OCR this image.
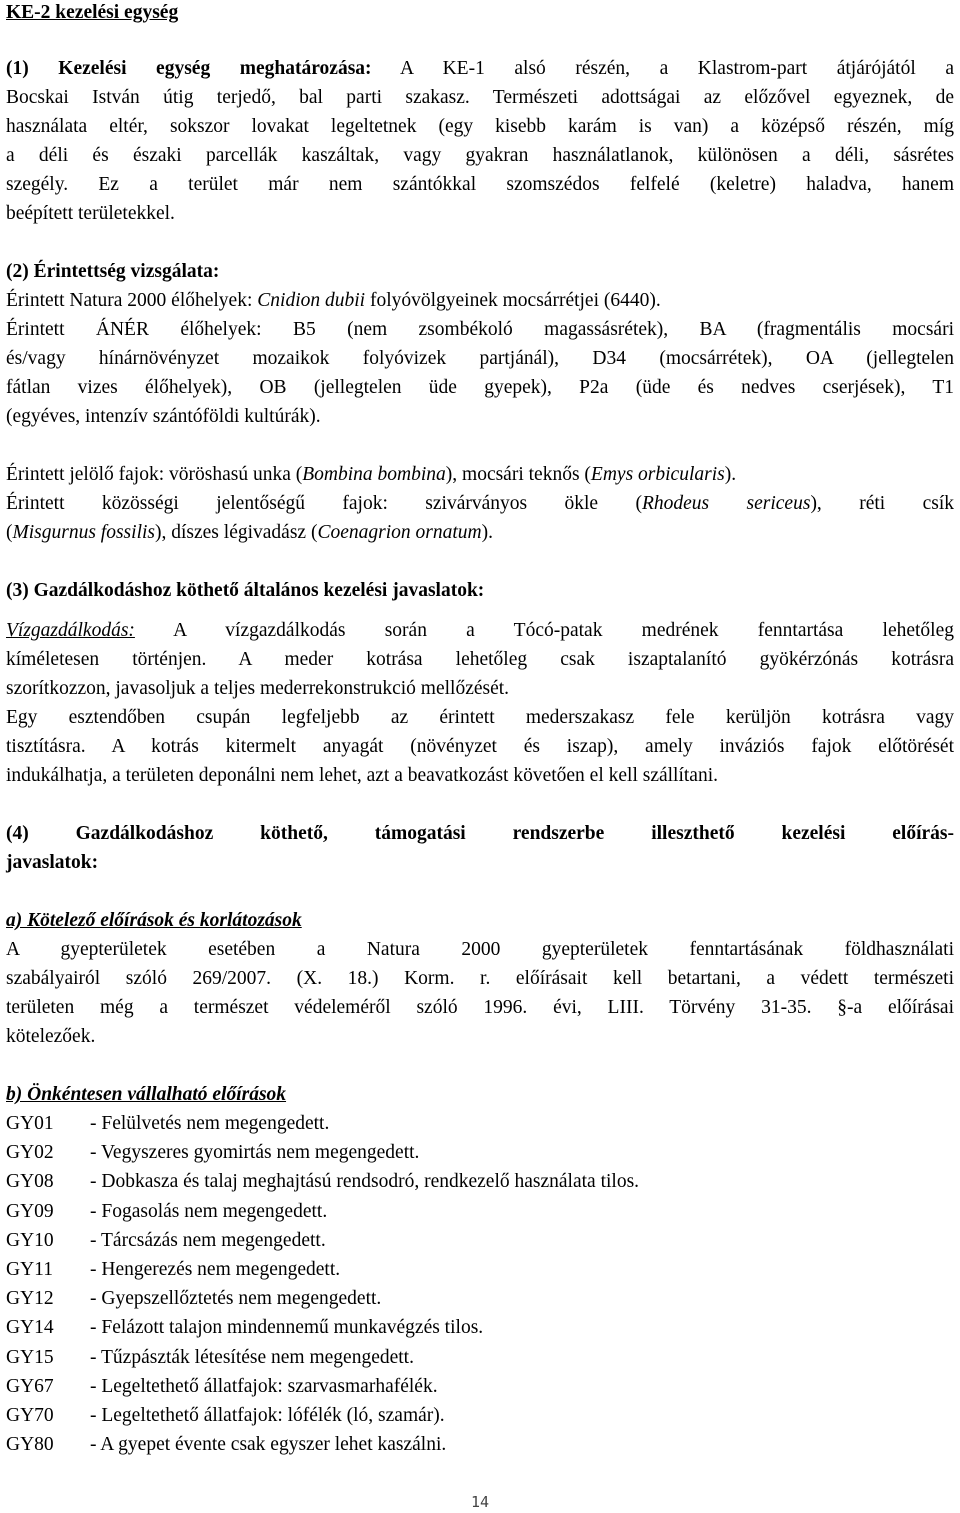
KE-2 kezelési egység
(1) Kezelési egység meghatározása: A KE-1 alsó részén, a Klastrom-part átjárójától a
Bocskai István útig terjedő, bal parti szakasz. Természeti adottságai az előzővel egyeznek, de
használata eltér, sokszor lovakat legeltetnek (egy kisebb karám is van) a középső részén, míg
a déli és északi parcellák kaszáltak, vagy gyakran használatlanok, különösen a déli, sásrétes
szegély. Ez a terület már nem szántókkal szomszédos felfelé (keletre) haladva, hanem
beépített területekkel.
(2) Érintettség vizsgálata:
Érintett Natura 2000 élőhelyek: Cnidion dubii folyóvölgyeinek mocsárrétjei (6440).
Érintett ÁNÉR élőhelyek: B5 (nem zsombékoló magassásrétek), BA (fragmentális mocsári
és/vagy hínárnövényzet mozaikok folyóvizek partjánál), D34 (mocsárrétek), OA (jellegtelen
fátlan vizes élőhelyek), OB (jellegtelen üde gyepek), P2a (üde és nedves cserjések), T1
(egyéves, intenzív szántóföldi kultúrák).
Érintett jelölő fajok: vöröshasú unka (Bombina bombina), mocsári teknős (Emys orbicularis).
Érintett közösségi jelentőségű fajok: szivárványos ökle (Rhodeus sericeus), réti csík
(Misgurnus fossilis), díszes légivadász (Coenagrion ornatum).
(3) Gazdálkodáshoz köthető általános kezelési javaslatok:
Vízgazdálkodás: A vízgazdálkodás során a Tócó-patak medrének fenntartása lehetőleg
kíméletesen történjen. A meder kotrása lehetőleg csak iszaptalanító gyökérzónás kotrásra
szorítkozzon, javasoljuk a teljes mederrekonstrukció mellőzését.
Egy esztendőben csupán legfeljebb az érintett mederszakasz fele kerüljön kotrásra vagy
tisztításra. A kotrás kitermelt anyagát (növényzet és iszap), amely inváziós fajok előtörését
indukálhatja, a területen deponálni nem lehet, azt a beavatkozást követően el kell szállítani.
(4) Gazdálkodáshoz köthető, támogatási rendszerbe illeszthető kezelési előírás-
javaslatok:
a) Kötelező előírások és korlátozások
A gyepterületek esetében a Natura 2000 gyepterületek fenntartásának földhasználati
szabályairól szóló 269/2007. (X. 18.) Korm. r. előírásait kell betartani, a védett természeti
területen még a természet védeleméről szóló 1996. évi, LIII. Törvény 31-35. §-a előírásai
kötelezőek.
b) Önkéntesen vállalható előírások
GY01 - Felülvetés nem megengedett.
GY02 - Vegyszeres gyomirtás nem megengedett.
GY08 - Dobkasza és talaj meghajtású rendsodró, rendkezelő használata tilos.
GY09 - Fogasolás nem megengedett.
GY10 - Tárcsázás nem megengedett.
GY11 - Hengerezés nem megengedett.
GY12 - Gyepszellőztetés nem megengedett.
GY14 - Felázott talajon mindennemű munkavégzés tilos.
GY15 - Tűzpászták létesítése nem megengedett.
GY67 - Legeltethető állatfajok: szarvasmarhafélék.
GY70 - Legeltethető állatfajok: lófélék (ló, szamár).
GY80 - A gyepet évente csak egyszer lehet kaszálni.
14
